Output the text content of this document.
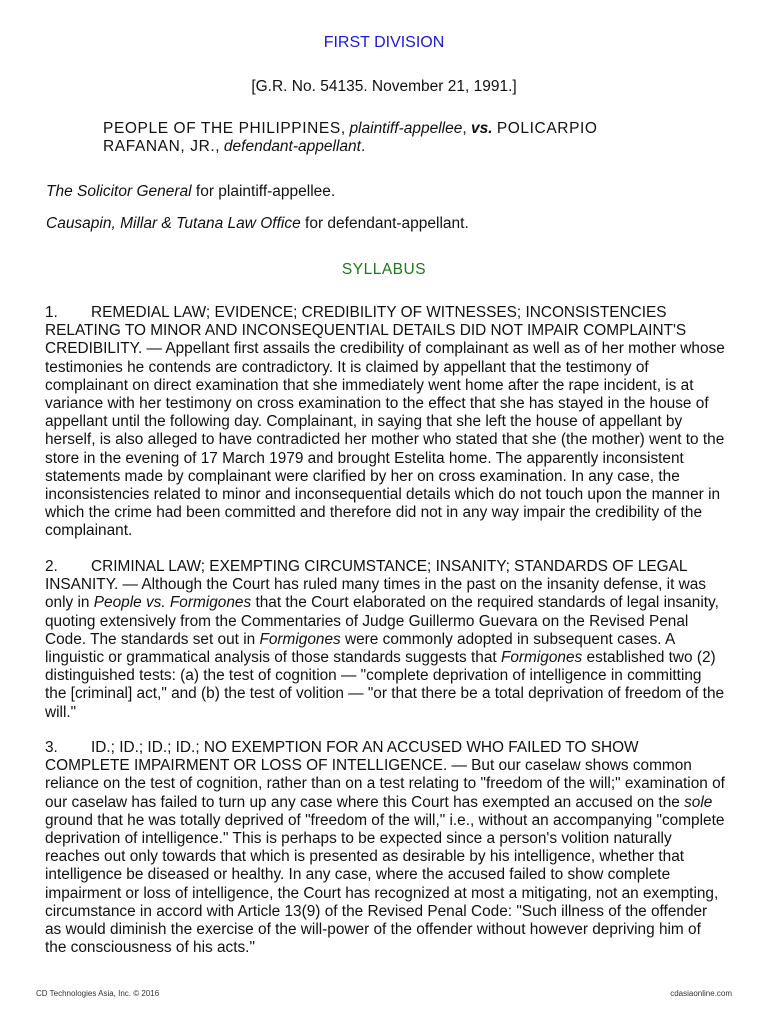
FIRST DIVISION
[G.R. No. 54135. November 21, 1991.]
PEOPLE OF THE PHILIPPINES, plaintiff-appellee, vs. POLICARPIO RAFANAN, JR., defendant-appellant.
The Solicitor General for plaintiff-appellee.
Causapin, Millar & Tutana Law Office for defendant-appellant.
SYLLABUS
1. REMEDIAL LAW; EVIDENCE; CREDIBILITY OF WITNESSES; INCONSISTENCIES RELATING TO MINOR AND INCONSEQUENTIAL DETAILS DID NOT IMPAIR COMPLAINT'S CREDIBILITY. — Appellant first assails the credibility of complainant as well as of her mother whose testimonies he contends are contradictory. It is claimed by appellant that the testimony of complainant on direct examination that she immediately went home after the rape incident, is at variance with her testimony on cross examination to the effect that she has stayed in the house of appellant until the following day. Complainant, in saying that she left the house of appellant by herself, is also alleged to have contradicted her mother who stated that she (the mother) went to the store in the evening of 17 March 1979 and brought Estelita home. The apparently inconsistent statements made by complainant were clarified by her on cross examination. In any case, the inconsistencies related to minor and inconsequential details which do not touch upon the manner in which the crime had been committed and therefore did not in any way impair the credibility of the complainant.
2. CRIMINAL LAW; EXEMPTING CIRCUMSTANCE; INSANITY; STANDARDS OF LEGAL INSANITY. — Although the Court has ruled many times in the past on the insanity defense, it was only in People vs. Formigones that the Court elaborated on the required standards of legal insanity, quoting extensively from the Commentaries of Judge Guillermo Guevara on the Revised Penal Code. The standards set out in Formigones were commonly adopted in subsequent cases. A linguistic or grammatical analysis of those standards suggests that Formigones established two (2) distinguished tests: (a) the test of cognition — "complete deprivation of intelligence in committing the [criminal] act," and (b) the test of volition — "or that there be a total deprivation of freedom of the will."
3. ID.; ID.; ID.; ID.; NO EXEMPTION FOR AN ACCUSED WHO FAILED TO SHOW COMPLETE IMPAIRMENT OR LOSS OF INTELLIGENCE. — But our caselaw shows common reliance on the test of cognition, rather than on a test relating to "freedom of the will;" examination of our caselaw has failed to turn up any case where this Court has exempted an accused on the sole ground that he was totally deprived of "freedom of the will," i.e., without an accompanying "complete deprivation of intelligence." This is perhaps to be expected since a person's volition naturally reaches out only towards that which is presented as desirable by his intelligence, whether that intelligence be diseased or healthy. In any case, where the accused failed to show complete impairment or loss of intelligence, the Court has recognized at most a mitigating, not an exempting, circumstance in accord with Article 13(9) of the Revised Penal Code: "Such illness of the offender as would diminish the exercise of the will-power of the offender without however depriving him of the consciousness of his acts."
CD Technologies Asia, Inc. © 2016	cdasiaonline.com
